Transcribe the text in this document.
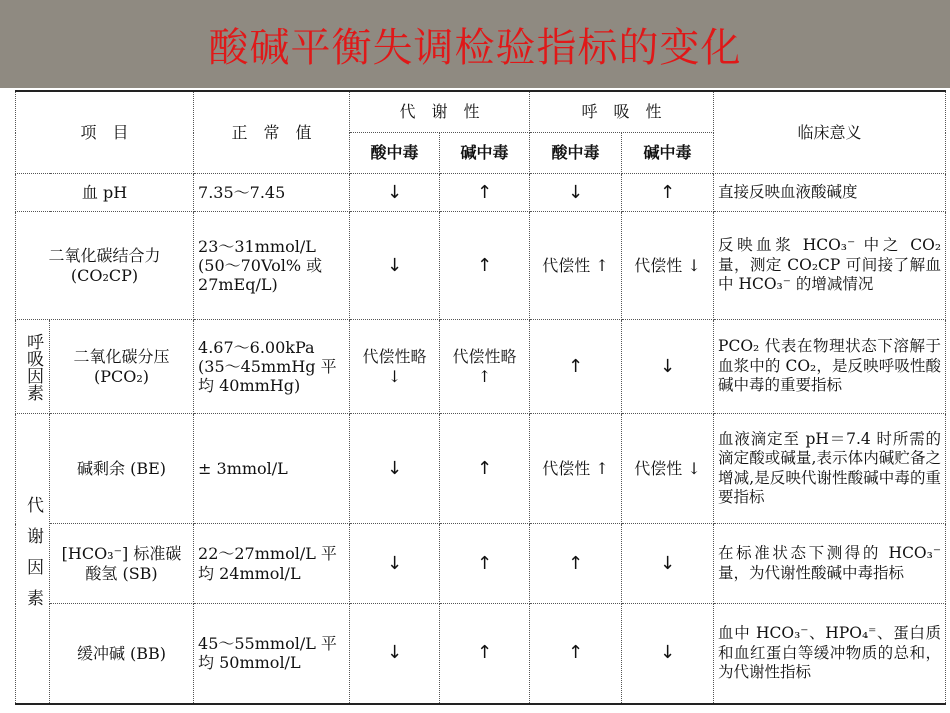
酸碱平衡失调检验指标的变化
项　目		正　常　值	代　谢　性		呼　吸　性		临床意义
			酸中毒	碱中毒	酸中毒	碱中毒	
血 pH		7.35～7.45	↓	↑	↓	↑	直接反映血液酸碱度
二氧化碳结合力 (CO₂CP)		23～31mmol/L (50～70Vol% 或 27mEq/L)	↓	↑	代偿性 ↑	代偿性 ↓	反映血浆 HCO₃⁻ 中之 CO₂ 量，测定 CO₂CP 可间接了解血中 HCO₃⁻ 的增减情况
呼吸因素	二氧化碳分压 (PCO₂)	4.67～6.00kPa (35～45mmHg 平均 40mmHg)	代偿性略 ↓	代偿性略 ↑	↑	↓	PCO₂ 代表在物理状态下溶解于血浆中的 CO₂，是反映呼吸性酸碱中毒的重要指标
代谢因素	碱剩余 (BE)	± 3mmol/L	↓	↑	代偿性 ↑	代偿性 ↓	血液滴定至 pH＝7.4 时所需的滴定酸或碱量,表示体内碱贮备之增减,是反映代谢性酸碱中毒的重要指标
	[HCO₃⁻] 标准碳酸氢 (SB)	22～27mmol/L 平均 24mmol/L	↓	↑	↑	↓	在标准状态下测得的 HCO₃⁻ 量，为代谢性酸碱中毒指标
	缓冲碱 (BB)	45～55mmol/L 平均 50mmol/L	↓	↑	↑	↓	血中 HCO₃⁻、HPO₄⁼、蛋白质和血红蛋白等缓冲物质的总和，为代谢性指标
